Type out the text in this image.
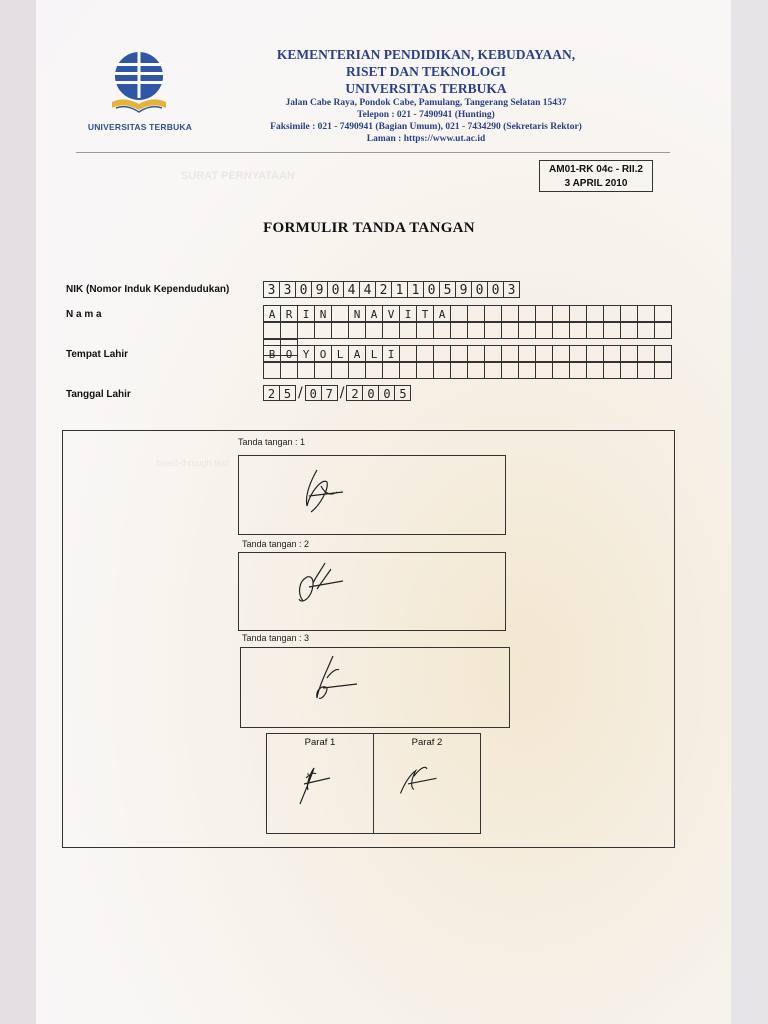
UNIVERSITAS TERBUKA
KEMENTERIAN PENDIDIKAN, KEBUDAYAAN,
RISET DAN TEKNOLOGI
UNIVERSITAS TERBUKA
Jalan Cabe Raya, Pondok Cabe, Pamulang, Tangerang Selatan 15437
Telepon : 021 - 7490941 (Hunting)
Faksimile : 021 - 7490941 (Bagian Umum), 021 - 7434290 (Sekretaris Rektor)
Laman : https://www.ut.ac.id
AM01-RK 04c - RII.2
3 APRIL 2010
SURAT PERNYATAAN
FORMULIR TANDA TANGAN
NIK (Nomor Induk Kependudukan)	3 3 0 9 0 4 4 2 1 1 0 5 9 0 0 3
N a m a	A R I N	N A V I T A
Tempat Lahir	B O Y O L A L I
Tanggal Lahir	2 5 / 0 7 / 2 0 0 5
Tanda tangan : 1
Tanda tangan : 2
Tanda tangan : 3
Paraf 1	Paraf 2
bleed-through text
